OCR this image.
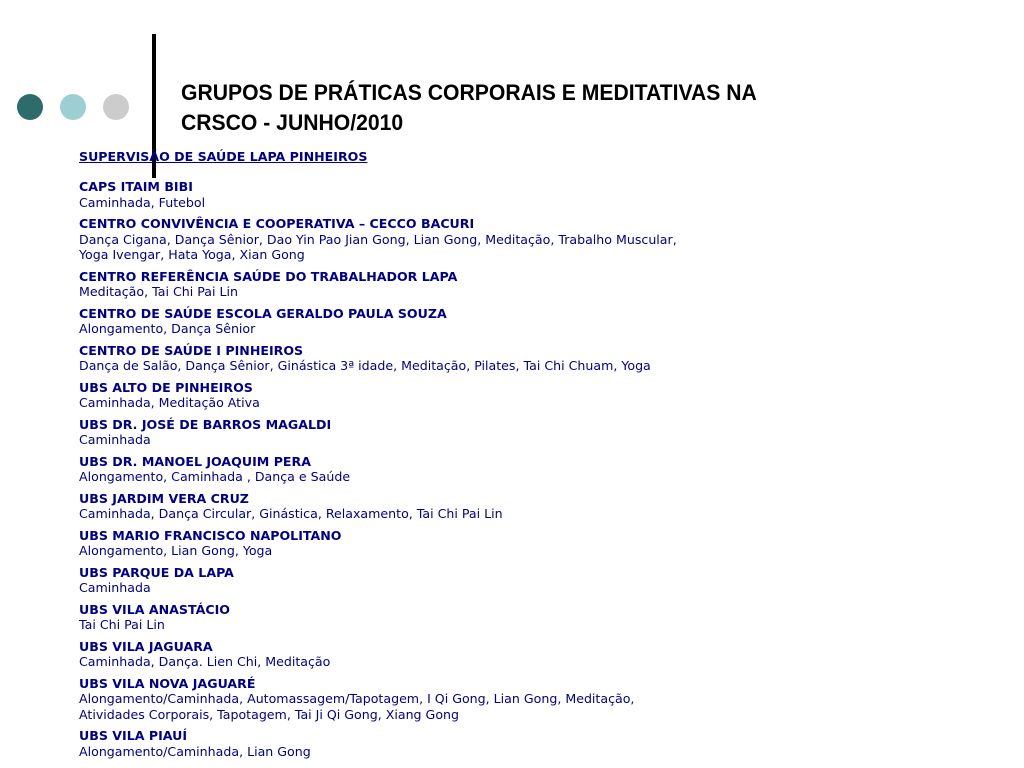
GRUPOS DE PRÁTICAS CORPORAIS E MEDITATIVAS NA
CRSCO - JUNHO/2010

SUPERVISÃO DE SAÚDE LAPA PINHEIROS

CAPS ITAIM BIBI
Caminhada, Futebol
CENTRO CONVIVÊNCIA E COOPERATIVA – CECCO BACURI
Dança Cigana, Dança Sênior, Dao Yin Pao Jian Gong, Lian Gong, Meditação, Trabalho Muscular,
Yoga Ivengar, Hata Yoga, Xian Gong
CENTRO REFERÊNCIA SAÚDE DO TRABALHADOR LAPA
Meditação, Tai Chi Pai Lin
CENTRO DE SAÚDE ESCOLA GERALDO PAULA SOUZA
Alongamento, Dança Sênior
CENTRO DE SAÚDE I PINHEIROS
Dança de Salão, Dança Sênior, Ginástica 3ª idade, Meditação, Pilates, Tai Chi Chuam, Yoga
UBS ALTO DE PINHEIROS
Caminhada, Meditação Ativa
UBS DR. JOSÉ DE BARROS MAGALDI
Caminhada
UBS DR. MANOEL JOAQUIM PERA
Alongamento, Caminhada , Dança e Saúde
UBS JARDIM VERA CRUZ
Caminhada, Dança Circular, Ginástica, Relaxamento, Tai Chi Pai Lin
UBS MARIO FRANCISCO NAPOLITANO
Alongamento, Lian Gong, Yoga
UBS PARQUE DA LAPA
Caminhada
UBS VILA ANASTÁCIO
Tai Chi Pai Lin
UBS VILA JAGUARA
Caminhada, Dança. Lien Chi, Meditação
UBS VILA NOVA JAGUARÉ
Alongamento/Caminhada, Automassagem/Tapotagem, I Qi Gong, Lian Gong, Meditação,
Atividades Corporais, Tapotagem, Tai Ji Qi Gong, Xiang Gong
UBS VILA PIAUÍ
Alongamento/Caminhada, Lian Gong
